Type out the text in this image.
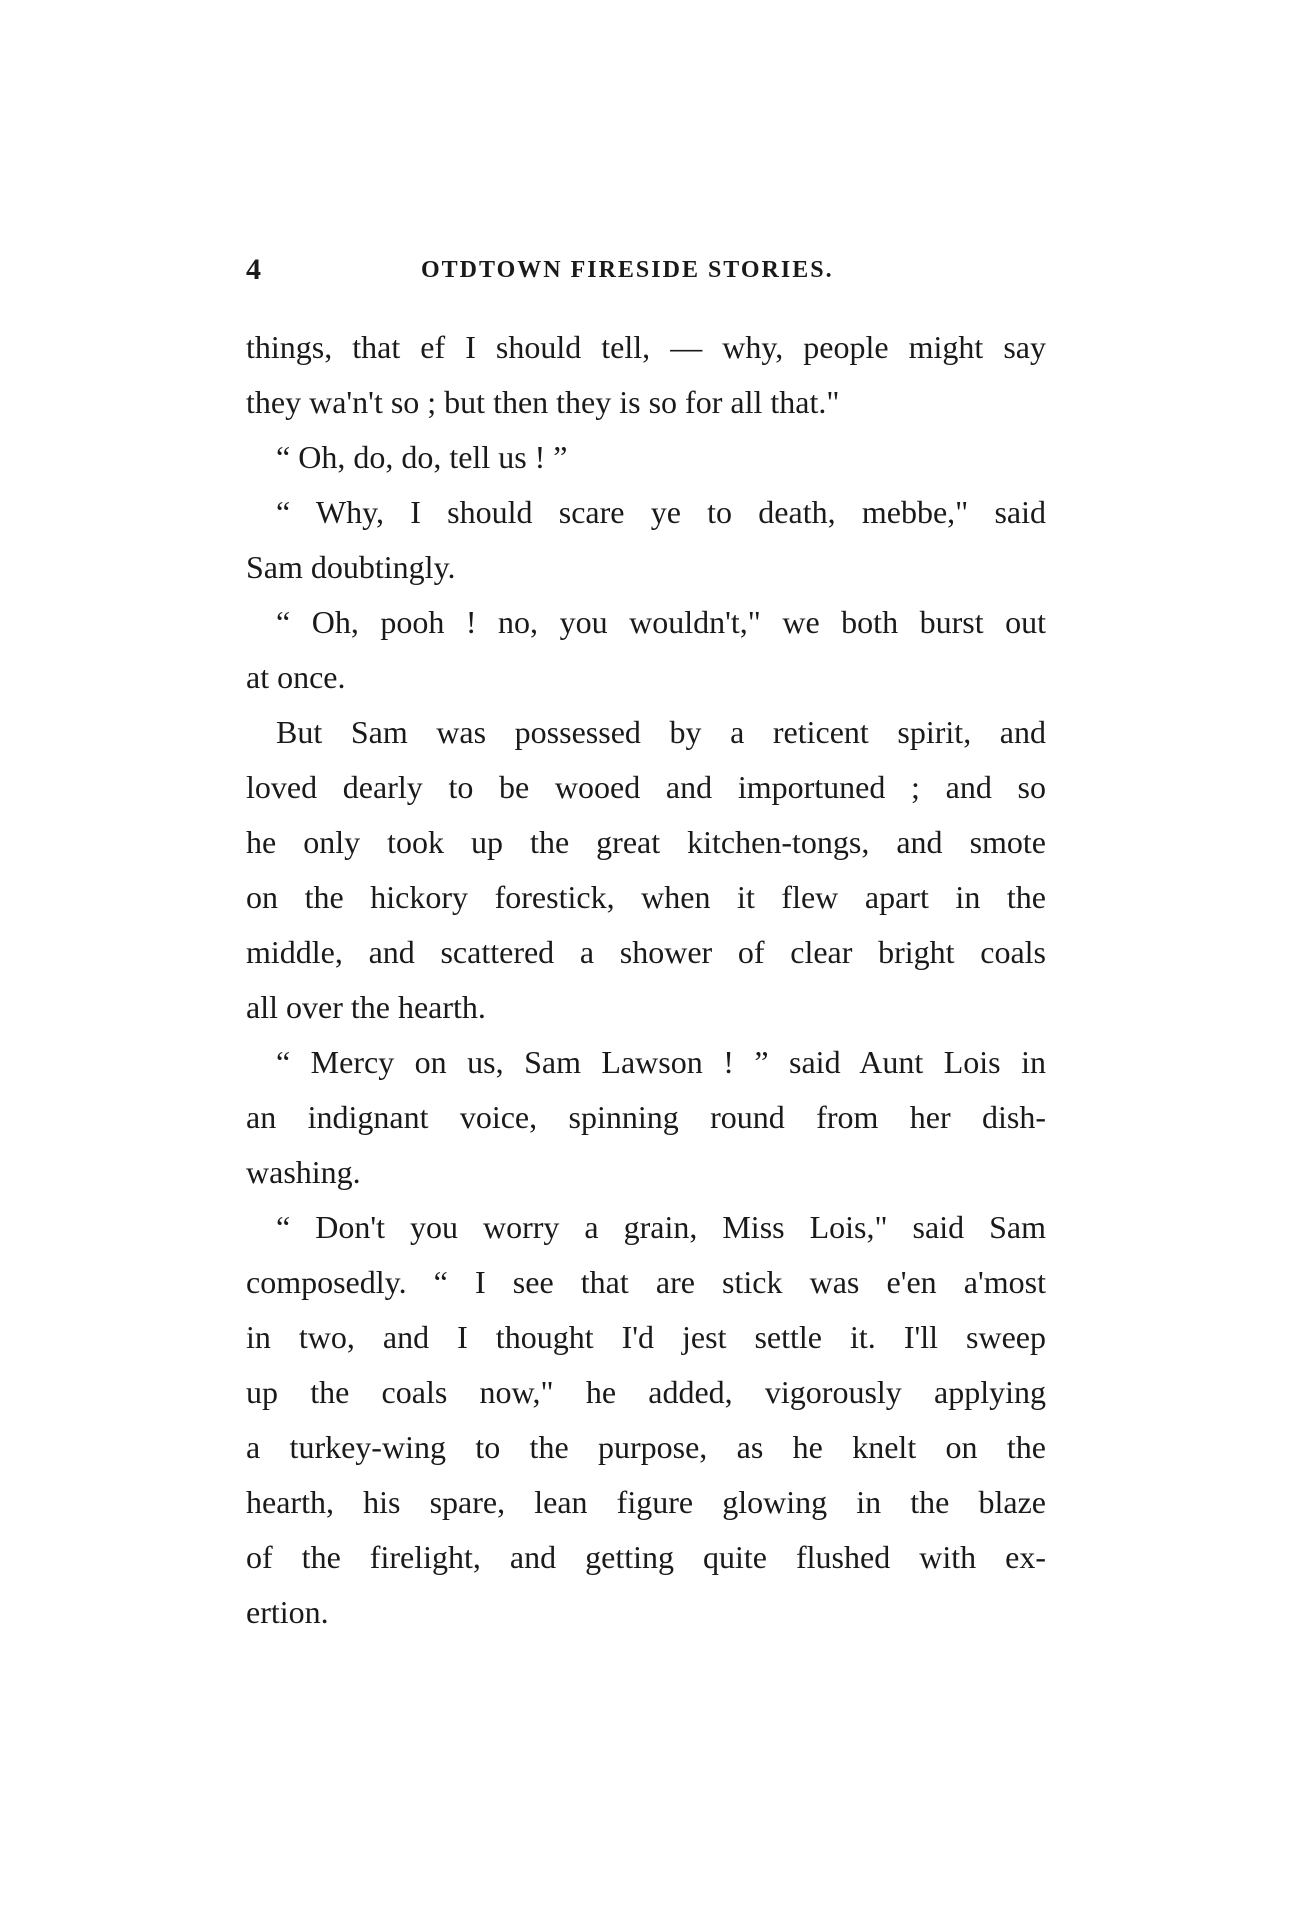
4	OTDTOWN FIRESIDE STORIES.
things, that ef I should tell, — why, people might say
they wa'n't so ; but then they is so for all that."
“ Oh, do, do, tell us ! ”
“ Why, I should scare ye to death, mebbe," said
Sam doubtingly.
“ Oh, pooh ! no, you wouldn't," we both burst out
at once.
But Sam was possessed by a reticent spirit, and
loved dearly to be wooed and importuned ; and so
he only took up the great kitchen-tongs, and smote
on the hickory forestick, when it flew apart in the
middle, and scattered a shower of clear bright coals
all over the hearth.
“ Mercy on us, Sam Lawson ! ” said Aunt Lois in
an indignant voice, spinning round from her dish-
washing.
“ Don't you worry a grain, Miss Lois," said Sam
composedly. “ I see that are stick was e'en a'most
in two, and I thought I'd jest settle it. I'll sweep
up the coals now," he added, vigorously applying
a turkey-wing to the purpose, as he knelt on the
hearth, his spare, lean figure glowing in the blaze
of the firelight, and getting quite flushed with ex-
ertion.
